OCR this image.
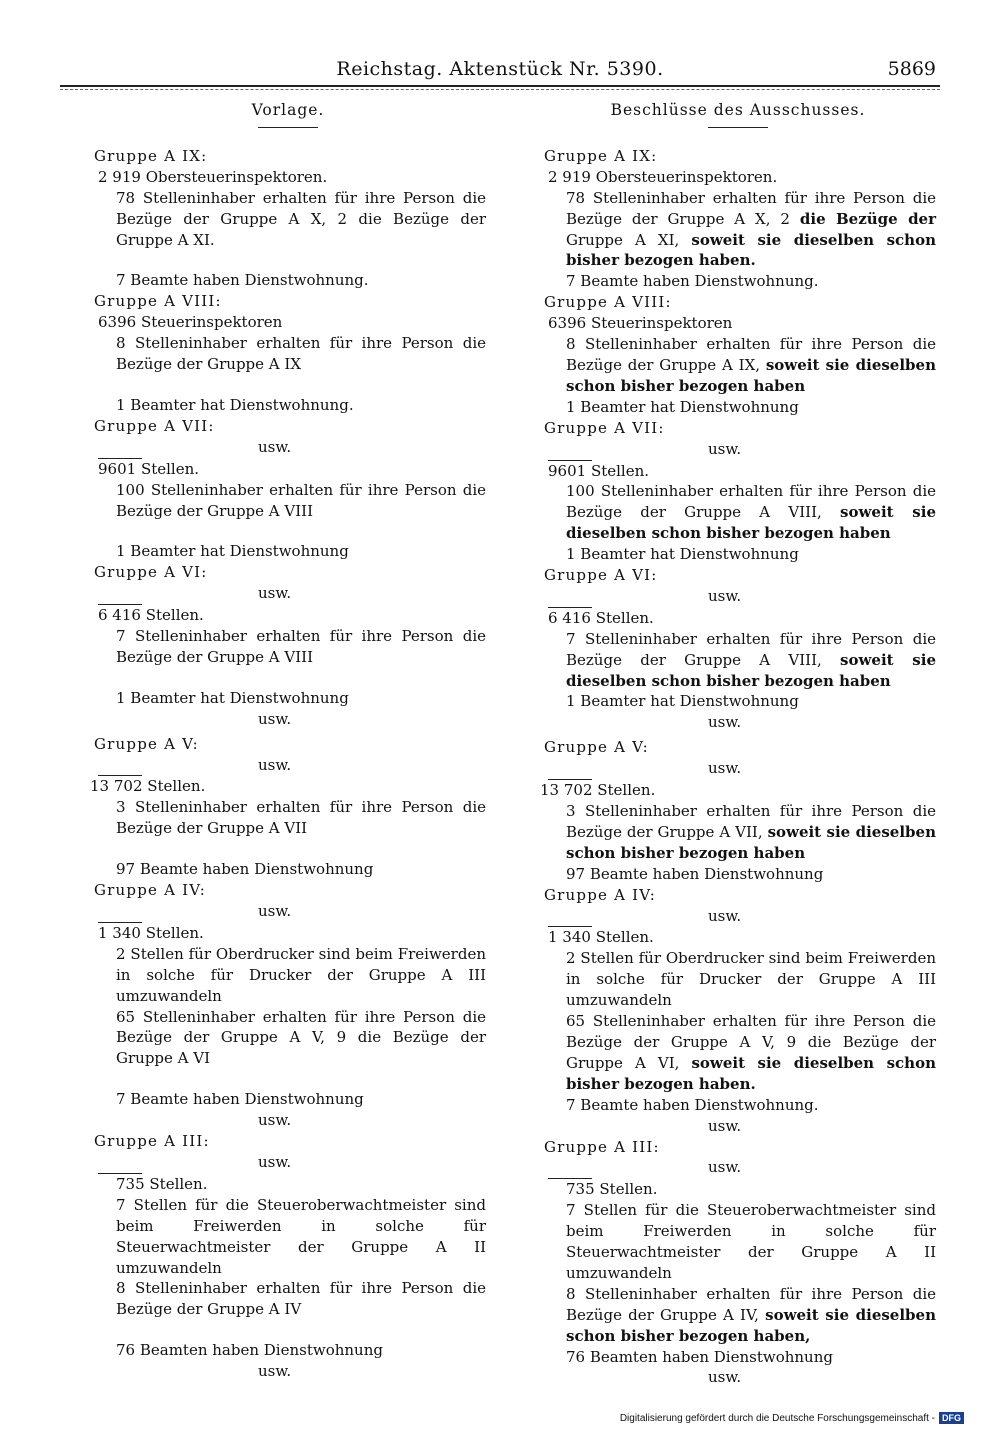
Reichstag. Aktenstück Nr. 5390.	5869
Vorlage.

Gruppe A IX:

2 919 Obersteuerinspektoren.

78 Stelleninhaber erhalten für ihre Person die Bezüge der Gruppe A X, 2 die Bezüge der Gruppe A XI.

7 Beamte haben Dienstwohnung.

Gruppe A VIII:

6396 Steuerinspektoren

8 Stelleninhaber erhalten für ihre Person die Bezüge der Gruppe A IX

1 Beamter hat Dienstwohnung.

Gruppe A VII:

usw.

9601 Stellen.

100 Stelleninhaber erhalten für ihre Person die Bezüge der Gruppe A VIII

1 Beamter hat Dienstwohnung

Gruppe A VI:

usw.

6 416 Stellen.

7 Stelleninhaber erhalten für ihre Person die Bezüge der Gruppe A VIII

1 Beamter hat Dienstwohnung

usw.

Gruppe A V:

usw.

13 702 Stellen.

3 Stelleninhaber erhalten für ihre Person die Bezüge der Gruppe A VII

97 Beamte haben Dienstwohnung

Gruppe A IV:

usw.

1 340 Stellen.

2 Stellen für Oberdrucker sind beim Freiwerden in solche für Drucker der Gruppe A III umzuwandeln

65 Stelleninhaber erhalten für ihre Person die Bezüge der Gruppe A V, 9 die Bezüge der Gruppe A VI

7 Beamte haben Dienstwohnung

usw.

Gruppe A III:

usw.

735 Stellen.

7 Stellen für die Steueroberwachtmeister sind beim Freiwerden in solche für Steuerwachtmeister der Gruppe A II umzuwandeln

8 Stelleninhaber erhalten für ihre Person die Bezüge der Gruppe A IV

76 Beamten haben Dienstwohnung

usw.

Beschlüsse des Ausschusses.

Gruppe A IX:

2 919 Obersteuerinspektoren.

78 Stelleninhaber erhalten für ihre Person die Bezüge der Gruppe A X, 2 die Bezüge der Gruppe A XI, soweit sie dieselben schon bisher bezogen haben.

7 Beamte haben Dienstwohnung.

Gruppe A VIII:

6396 Steuerinspektoren

8 Stelleninhaber erhalten für ihre Person die Bezüge der Gruppe A IX, soweit sie dieselben schon bisher bezogen haben

1 Beamter hat Dienstwohnung

Gruppe A VII:

usw.

9601 Stellen.

100 Stelleninhaber erhalten für ihre Person die Bezüge der Gruppe A VIII, soweit sie dieselben schon bisher bezogen haben

1 Beamter hat Dienstwohnung

Gruppe A VI:

usw.

6 416 Stellen.

7 Stelleninhaber erhalten für ihre Person die Bezüge der Gruppe A VIII, soweit sie dieselben schon bisher bezogen haben

1 Beamter hat Dienstwohnung

usw.

Gruppe A V:

usw.

13 702 Stellen.

3 Stelleninhaber erhalten für ihre Person die Bezüge der Gruppe A VII, soweit sie dieselben schon bisher bezogen haben

97 Beamte haben Dienstwohnung

Gruppe A IV:

usw.

1 340 Stellen.

2 Stellen für Oberdrucker sind beim Freiwerden in solche für Drucker der Gruppe A III umzuwandeln

65 Stelleninhaber erhalten für ihre Person die Bezüge der Gruppe A V, 9 die Bezüge der Gruppe A VI, soweit sie dieselben schon bisher bezogen haben.

7 Beamte haben Dienstwohnung.

usw.

Gruppe A III:

usw.

735 Stellen.

7 Stellen für die Steueroberwachtmeister sind beim Freiwerden in solche für Steuerwachtmeister der Gruppe A II umzuwandeln

8 Stelleninhaber erhalten für ihre Person die Bezüge der Gruppe A IV, soweit sie dieselben schon bisher bezogen haben,

76 Beamten haben Dienstwohnung

usw.

Digitalisierung gefördert durch die Deutsche Forschungsgemeinschaft - DFG
